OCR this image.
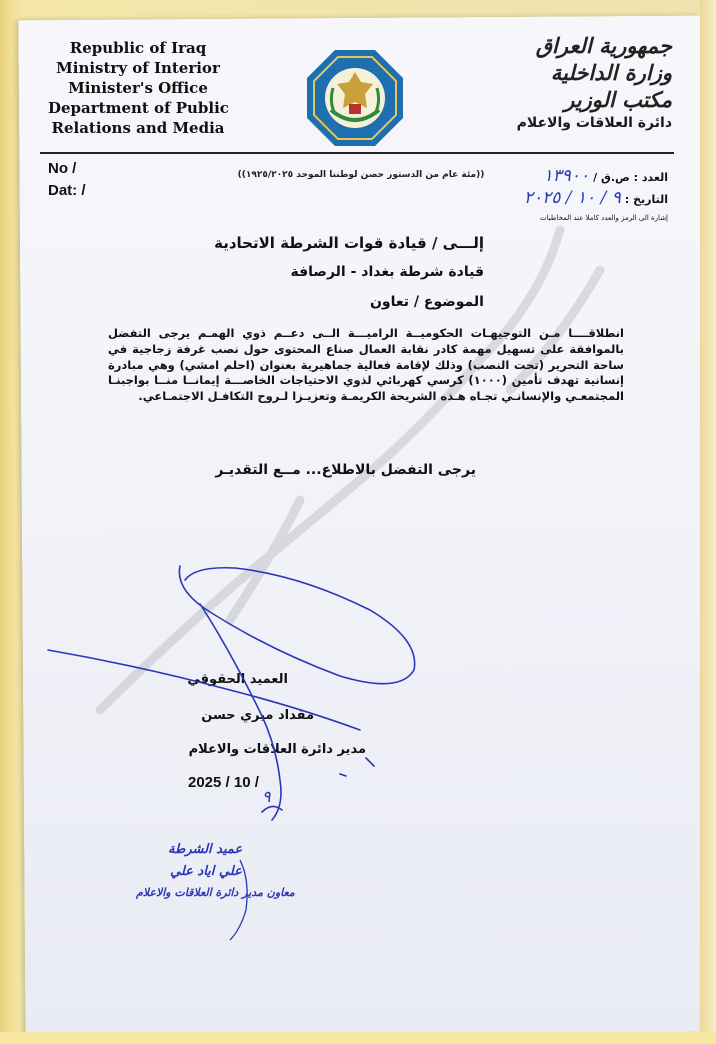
Republic of Iraq
Ministry of Interior
Minister's Office
Department of Public
Relations and Media
جمهورية العراق
وزارة الداخلية
مكتب الوزير
دائرة العلاقات والاعلام
No /
Dat: /
((مئة عام من الدستور حصن لوطننا الموحد ١٩٢٥/٢٠٢٥))	العدد : ص.ق /١٣٩٠٠
التاريخ :٩ / ١٠ / ٢٠٢٥
إشارة الى الرمز والعدد كاملا عند المخاطبات
إلـــى / قيادة قوات الشرطة الاتحادية
قيادة شرطة بغداد - الرصافة
الموضوع / تعاون
انطلاقــــا مـن التوجيهـات الحكوميــة الراميـــة الــى دعــم ذوي الهمـم يرجى التفضل بالموافقة على تسهيل مهمة كادر نقابة العمال صناع المحتوى حول نصب غرفة زجاجية في ساحة التحرير (تحت النصب) وذلك لإقامة فعالية جماهيرية بعنوان (احلم امشي) وهي مبادرة إنسانية تهدف تأمين (١٠٠٠) كرسي كهربائي لذوي الاحتياجات الخاصـــة إيمانــا منــا بواجبنـا المجتمعـي والإنسانـي تجـاه هـذه الشريحة الكريمـة وتعزيـزا لـروح التكافـل الاجتمـاعي.
يرجى التفضل بالاطلاع... مــع التقديـر
العميد الحقوقي
مقداد ميري حسن
مدير دائرة العلاقات والاعلام
2025 / 10 /
عميد الشرطة
علي اياد علي
معاون مدير دائرة العلاقات والاعلام
٩
